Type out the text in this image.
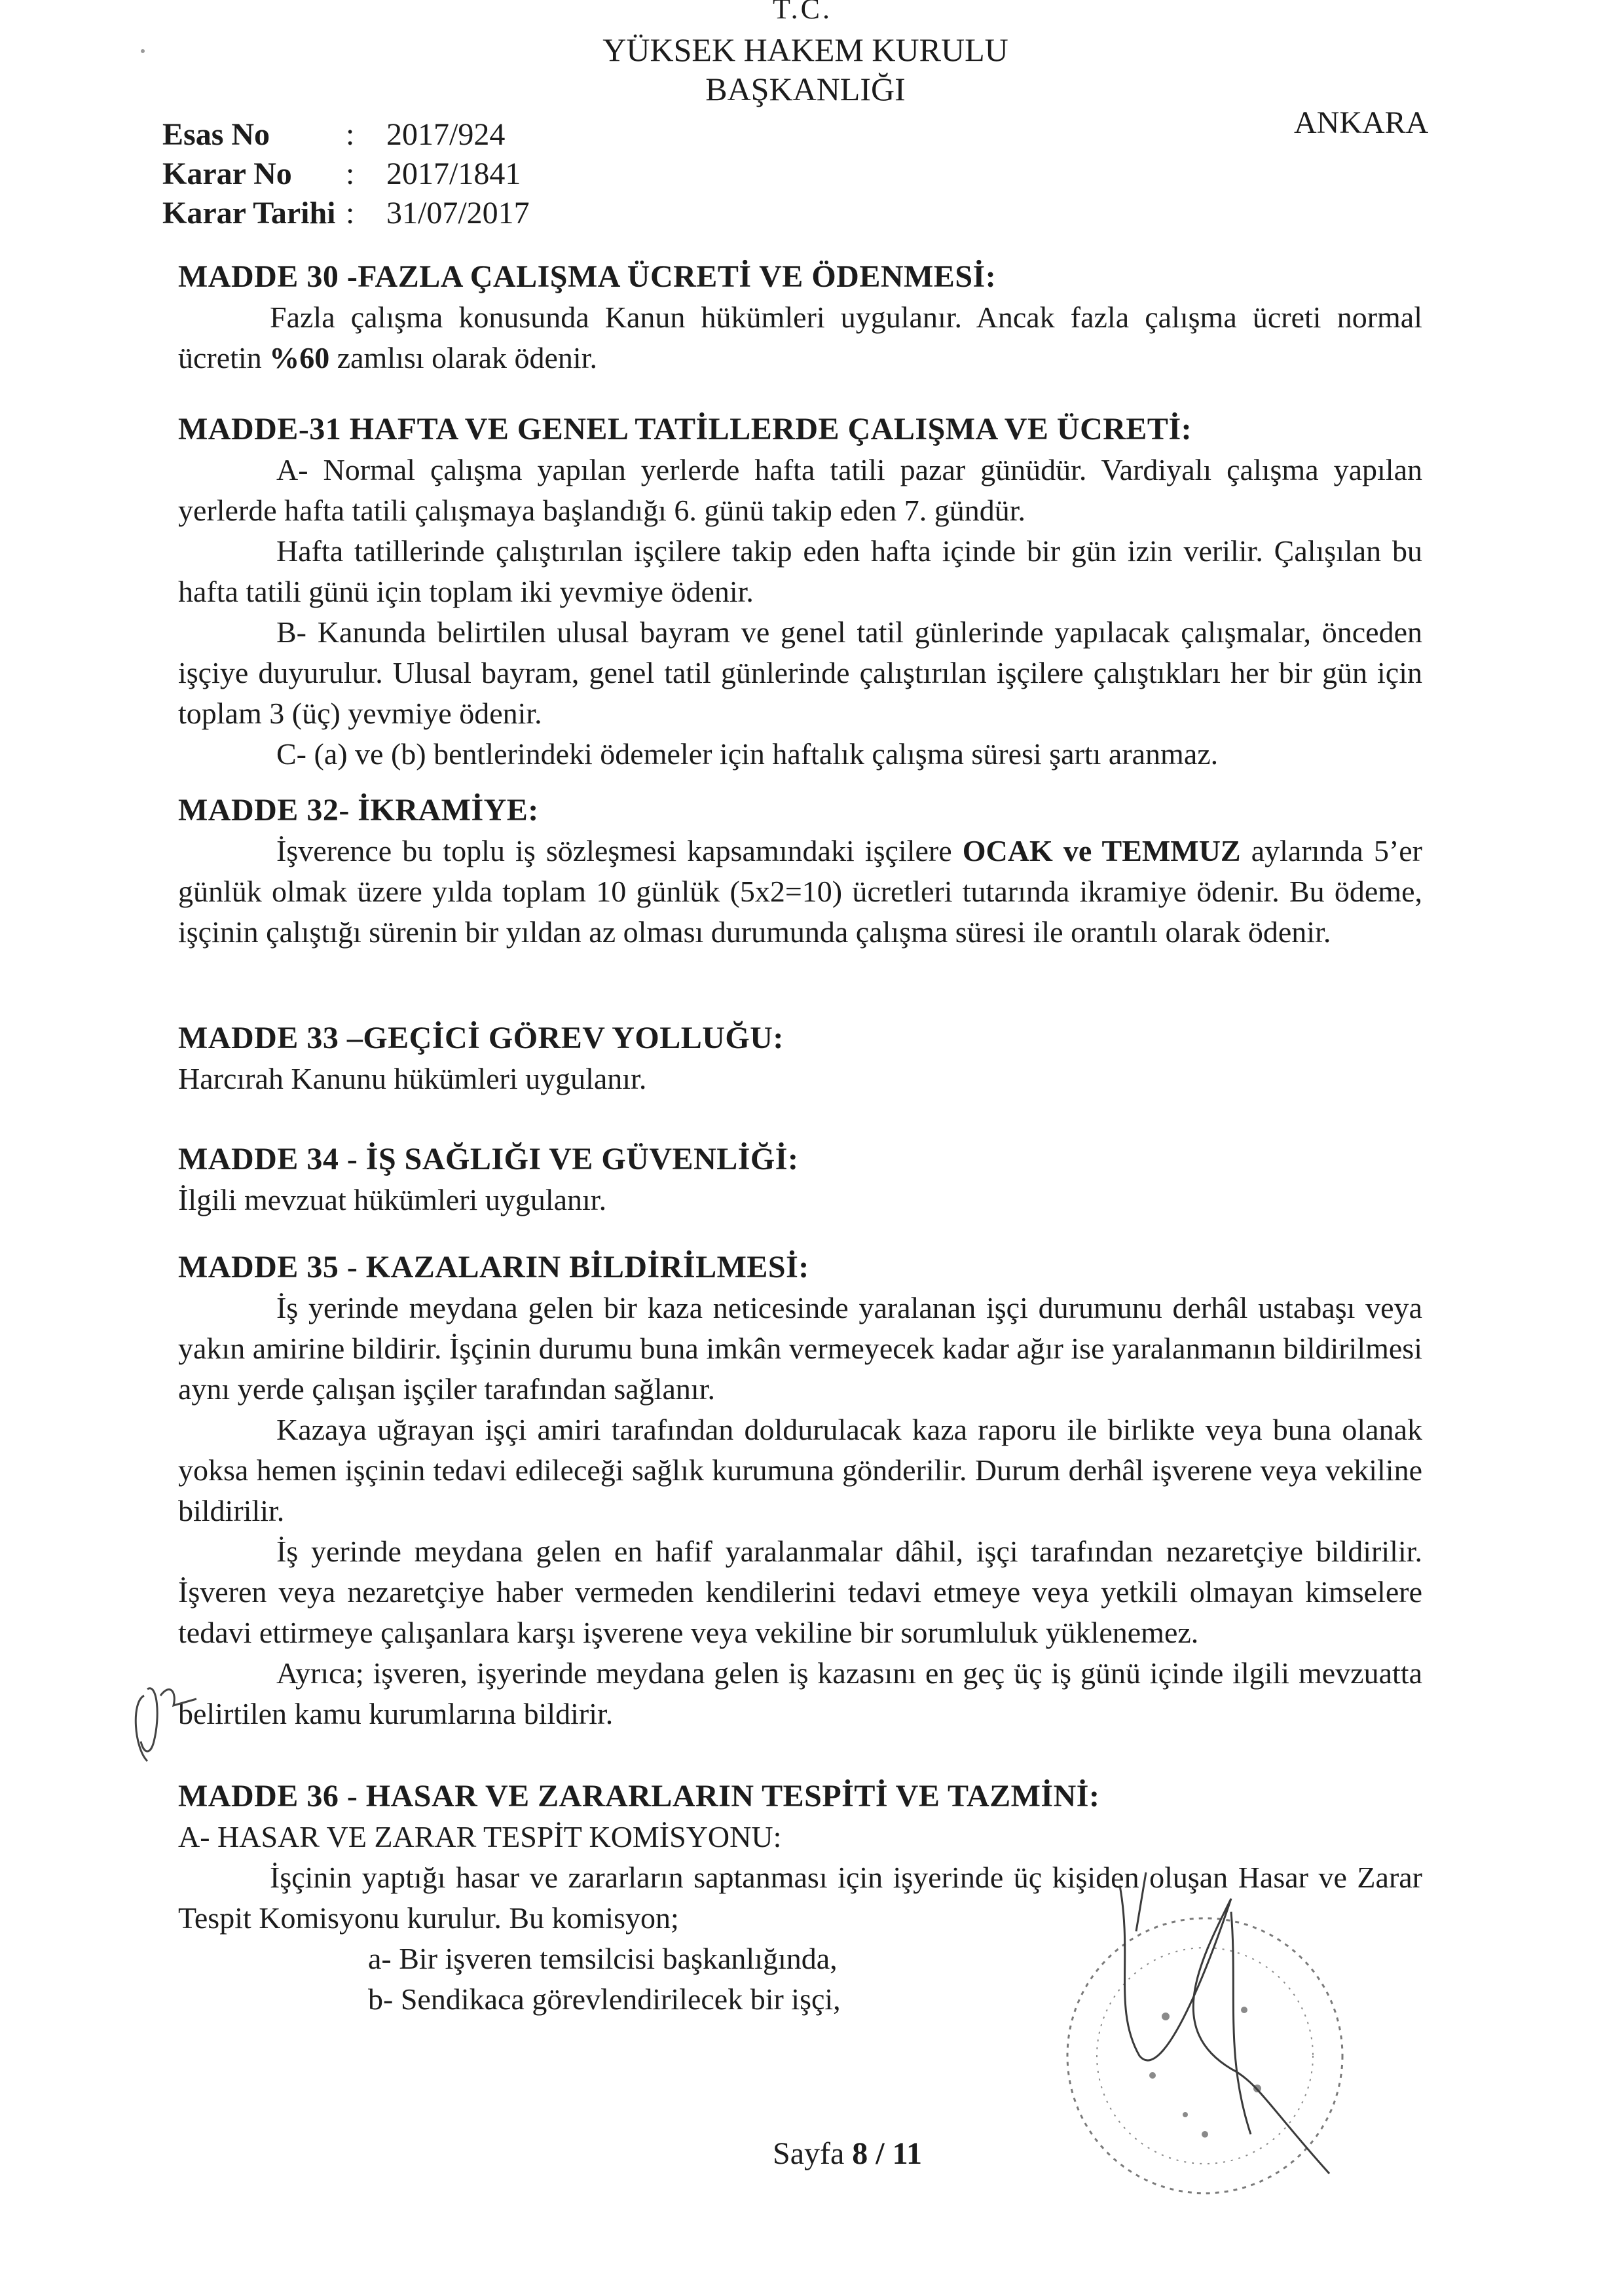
T.C.
YÜKSEK HAKEM KURULU
BAŞKANLIĞI
ANKARA
Esas No	:	2017/924
Karar No	:	2017/1841
Karar Tarihi :	31/07/2017
MADDE 30 -FAZLA ÇALIŞMA ÜCRETİ VE ÖDENMESİ:

Fazla çalışma konusunda Kanun hükümleri uygulanır. Ancak fazla çalışma ücreti normal ücretin %60 zamlısı olarak ödenir.

MADDE-31 HAFTA VE GENEL TATİLLERDE ÇALIŞMA VE ÜCRETİ:

A- Normal çalışma yapılan yerlerde hafta tatili pazar günüdür. Vardiyalı çalışma yapılan yerlerde hafta tatili çalışmaya başlandığı 6. günü takip eden 7. gündür.

Hafta tatillerinde çalıştırılan işçilere takip eden hafta içinde bir gün izin verilir. Çalışılan bu hafta tatili günü için toplam iki yevmiye ödenir.

B- Kanunda belirtilen ulusal bayram ve genel tatil günlerinde yapılacak çalışmalar, önceden işçiye duyurulur. Ulusal bayram, genel tatil günlerinde çalıştırılan işçilere çalıştıkları her bir gün için toplam 3 (üç) yevmiye ödenir.

C- (a) ve (b) bentlerindeki ödemeler için haftalık çalışma süresi şartı aranmaz.

MADDE 32- İKRAMİYE:

İşverence bu toplu iş sözleşmesi kapsamındaki işçilere OCAK ve TEMMUZ aylarında 5’er günlük olmak üzere yılda toplam 10 günlük (5x2=10) ücretleri tutarında ikramiye ödenir. Bu ödeme, işçinin çalıştığı sürenin bir yıldan az olması durumunda çalışma süresi ile orantılı olarak ödenir.

MADDE 33 –GEÇİCİ GÖREV YOLLUĞU:

Harcırah Kanunu hükümleri uygulanır.

MADDE 34 - İŞ SAĞLIĞI VE GÜVENLİĞİ:

İlgili mevzuat hükümleri uygulanır.

MADDE 35 - KAZALARIN BİLDİRİLMESİ:

İş yerinde meydana gelen bir kaza neticesinde yaralanan işçi durumunu derhâl ustabaşı veya yakın amirine bildirir. İşçinin durumu buna imkân vermeyecek kadar ağır ise yaralanmanın bildirilmesi aynı yerde çalışan işçiler tarafından sağlanır.

Kazaya uğrayan işçi amiri tarafından doldurulacak kaza raporu ile birlikte veya buna olanak yoksa hemen işçinin tedavi edileceği sağlık kurumuna gönderilir. Durum derhâl işverene veya vekiline bildirilir.

İş yerinde meydana gelen en hafif yaralanmalar dâhil, işçi tarafından nezaretçiye bildirilir. İşveren veya nezaretçiye haber vermeden kendilerini tedavi etmeye veya yetkili olmayan kimselere tedavi ettirmeye çalışanlara karşı işverene veya vekiline bir sorumluluk yüklenemez.

Ayrıca; işveren, işyerinde meydana gelen iş kazasını en geç üç iş günü içinde ilgili mevzuatta belirtilen kamu kurumlarına bildirir.

MADDE 36 - HASAR VE ZARARLARIN TESPİTİ VE TAZMİNİ:

A- HASAR VE ZARAR TESPİT KOMİSYONU:

İşçinin yaptığı hasar ve zararların saptanması için işyerinde üç kişiden oluşan Hasar ve Zarar Tespit Komisyonu kurulur. Bu komisyon;

a- Bir işveren temsilcisi başkanlığında,

b- Sendikaca görevlendirilecek bir işçi,

Sayfa 8 / 11
